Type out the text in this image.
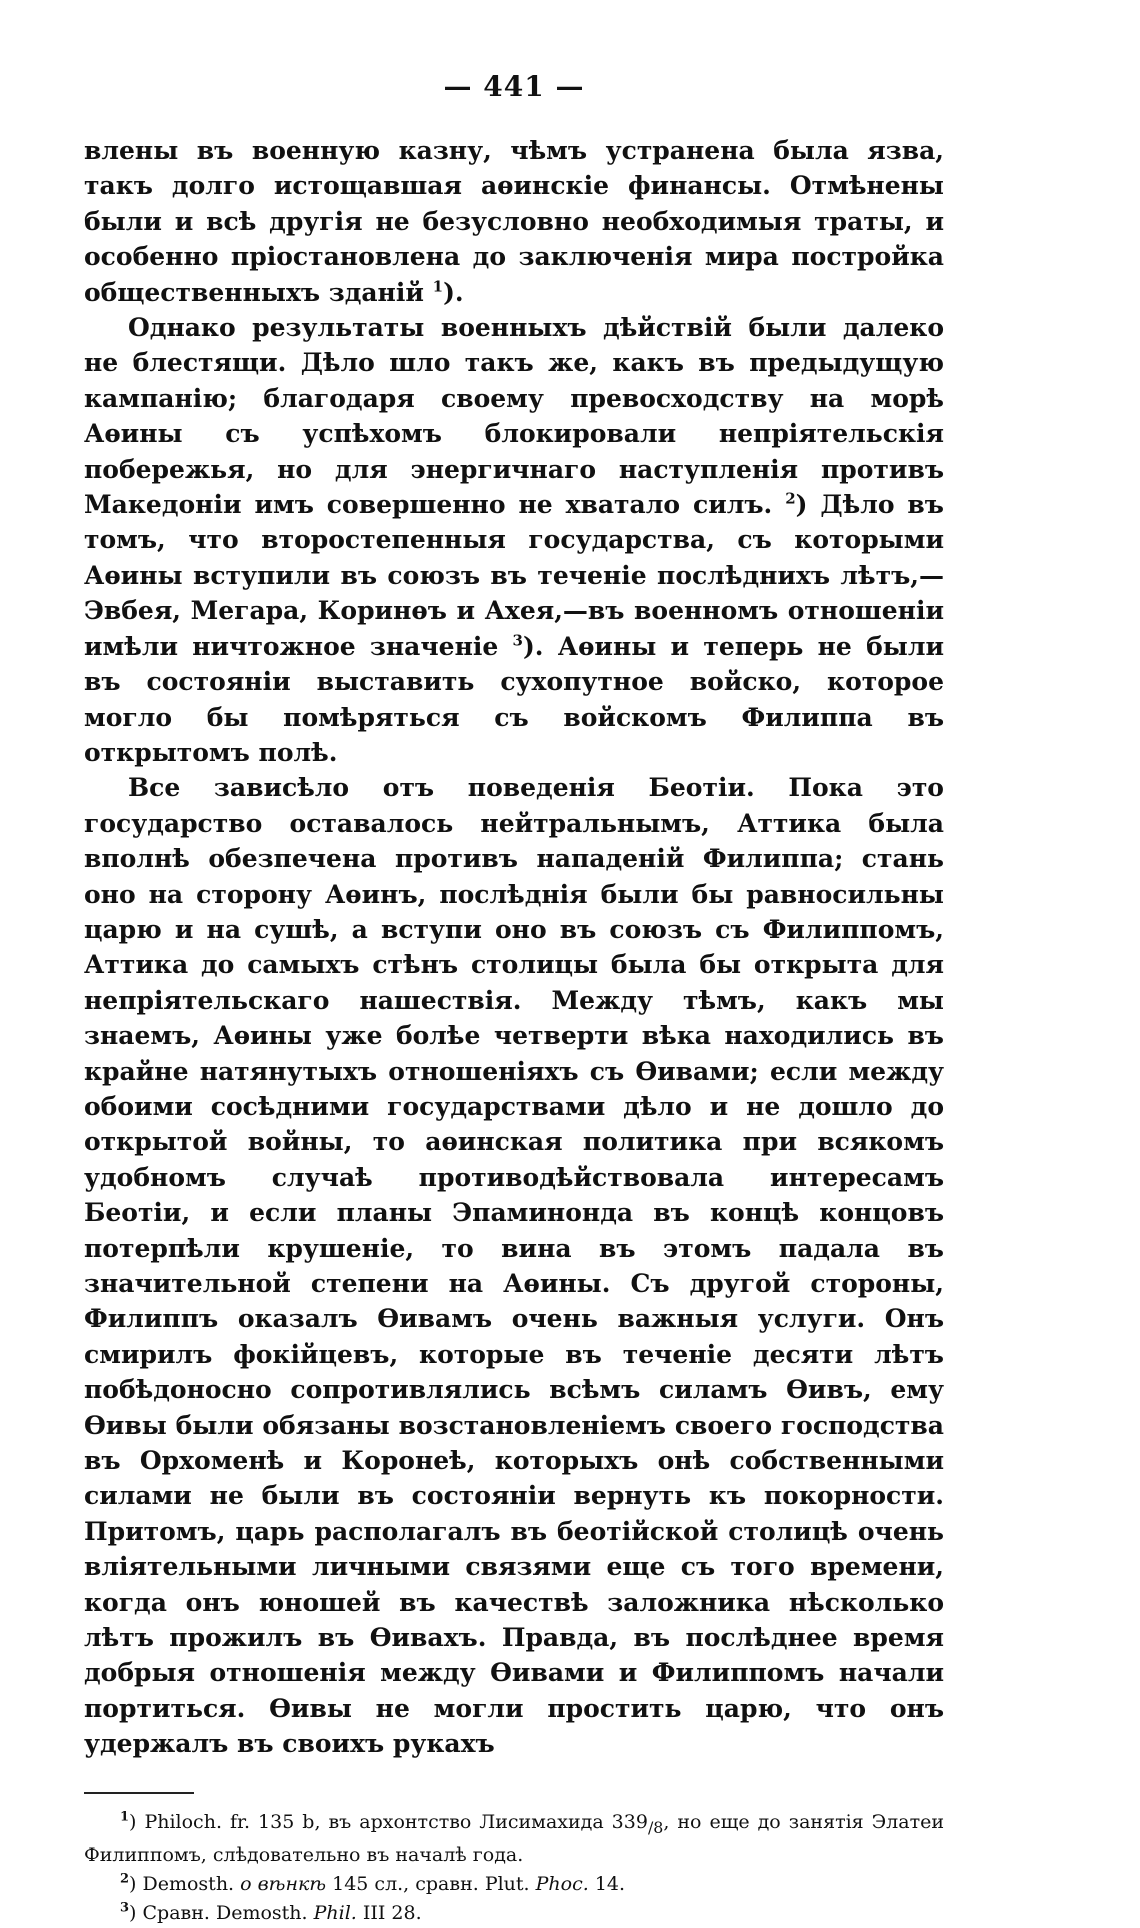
— 441 —

влены въ военную казну, чѣмъ устранена была язва, такъ долго истощавшая аѳинскіе финансы. Отмѣнены были и всѣ другія не безусловно необходимыя траты, и особенно пріостановлена до заключенія мира постройка общественныхъ зданій $^1$).

Однако результаты военныхъ дѣйствій были далеко не блестящи. Дѣло шло такъ же, какъ въ предыдущую кампанію; благодаря своему превосходству на морѣ Аѳины съ успѣхомъ блокировали непріятельскія побережья, но для энергичнаго наступленія противъ Македоніи имъ совершенно не хватало силъ. $^2$) Дѣло въ томъ, что второстепенныя государства, съ которыми Аѳины вступили въ союзъ въ теченіе послѣднихъ лѣтъ,—Эвбея, Мегара, Коринѳъ и Ахея,—въ военномъ отношеніи имѣли ничтожное значеніе $^3$). Аѳины и теперь не были въ состояніи выставить сухопутное войско, которое могло бы помѣряться съ войскомъ Филиппа въ открытомъ полѣ.

Все зависѣло отъ поведенія Беотіи. Пока это государство оставалось нейтральнымъ, Аттика была вполнѣ обезпечена противъ нападеній Филиппа; стань оно на сторону Аѳинъ, послѣднія были бы равносильны царю и на сушѣ, а вступи оно въ союзъ съ Филиппомъ, Аттика до самыхъ стѣнъ столицы была бы открыта для непріятельскаго нашествія. Между тѣмъ, какъ мы знаемъ, Аѳины уже болѣе четверти вѣка находились въ крайне натянутыхъ отношеніяхъ съ Ѳивами; если между обоими сосѣдними государствами дѣло и не дошло до открытой войны, то аѳинская политика при всякомъ удобномъ случаѣ противодѣйствовала интересамъ Беотіи, и если планы Эпаминонда въ концѣ концовъ потерпѣли крушеніе, то вина въ этомъ падала въ значительной степени на Аѳины. Съ другой стороны, Филиппъ оказалъ Ѳивамъ очень важныя услуги. Онъ смирилъ фокійцевъ, которые въ теченіе десяти лѣтъ побѣдоносно сопротивлялись всѣмъ силамъ Ѳивъ, ему Ѳивы были обязаны возстановленіемъ своего господства въ Орхоменѣ и Коронеѣ, которыхъ онѣ собственными силами не были въ состояніи вернуть къ покорности. Притомъ, царь располагалъ въ беотійской столицѣ очень вліятельными личными связями еще съ того времени, когда онъ юношей въ качествѣ заложника нѣсколько лѣтъ прожилъ въ Ѳивахъ. Правда, въ послѣднее время добрыя отношенія между Ѳивами и Филиппомъ начали портиться. Ѳивы не могли простить царю, что онъ удержалъ въ своихъ рукахъ

$^1$) Philoch. fr. 135 b, въ архонтство Лисимахида $339_{/8}$, но еще до занятія Элатеи Филиппомъ, слѣдовательно въ началѣ года.

$^2$) Demosth. о вѣнкѣ 145 сл., сравн. Plut. Phoc. 14.

$^3$) Сравн. Demosth. Phil. III 28.
